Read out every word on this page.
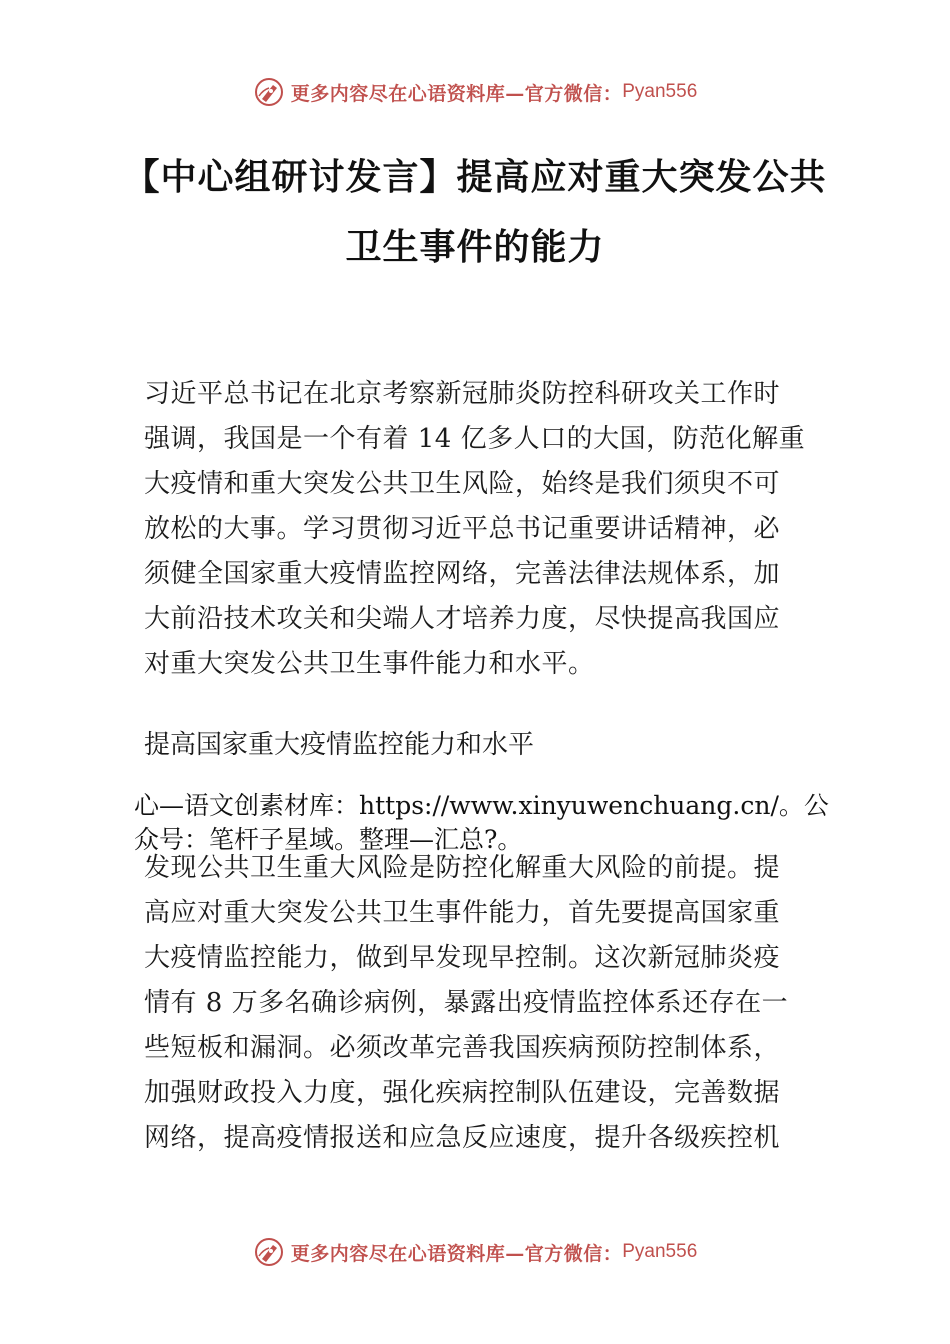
更多内容尽在心语资料库—官方微信： Pyan556
【中心组研讨发言】提高应对重大突发公共
卫生事件的能力
习近平总书记在北京考察新冠肺炎防控科研攻关工作时
强调，我国是一个有着 14 亿多人口的大国，防范化解重
大疫情和重大突发公共卫生风险，始终是我们须臾不可
放松的大事。学习贯彻习近平总书记重要讲话精神，必
须健全国家重大疫情监控网络，完善法律法规体系，加
大前沿技术攻关和尖端人才培养力度，尽快提高我国应
对重大突发公共卫生事件能力和水平。
提高国家重大疫情监控能力和水平
心—语文创素材库：https://www.xinyuwenchuang.cn/。公
众号：笔杆子星域。整理—汇总?。
发现公共卫生重大风险是防控化解重大风险的前提。提
高应对重大突发公共卫生事件能力，首先要提高国家重
大疫情监控能力，做到早发现早控制。这次新冠肺炎疫
情有 8 万多名确诊病例，暴露出疫情监控体系还存在一
些短板和漏洞。必须改革完善我国疾病预防控制体系，
加强财政投入力度，强化疾病控制队伍建设，完善数据
网络，提高疫情报送和应急反应速度，提升各级疾控机
更多内容尽在心语资料库—官方微信： Pyan556
